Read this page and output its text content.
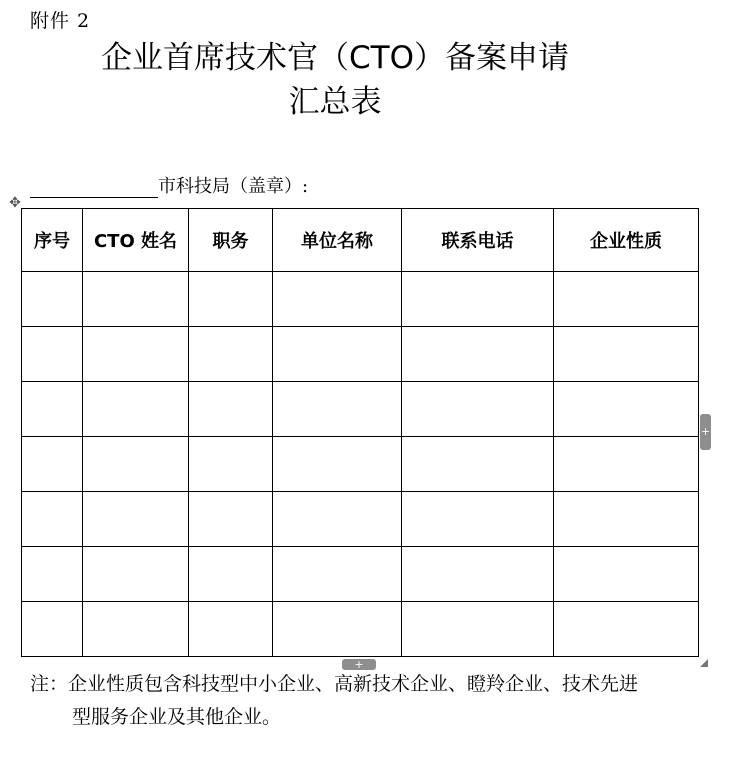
附件 2
企业首席技术官（CTO）备案申请
汇总表
市科技局（盖章）:
✥
序号	CTO 姓名	职务	单位名称	联系电话	企业性质

+
+
注：企业性质包含科技型中小企业、高新技术企业、瞪羚企业、技术先进
型服务企业及其他企业。
